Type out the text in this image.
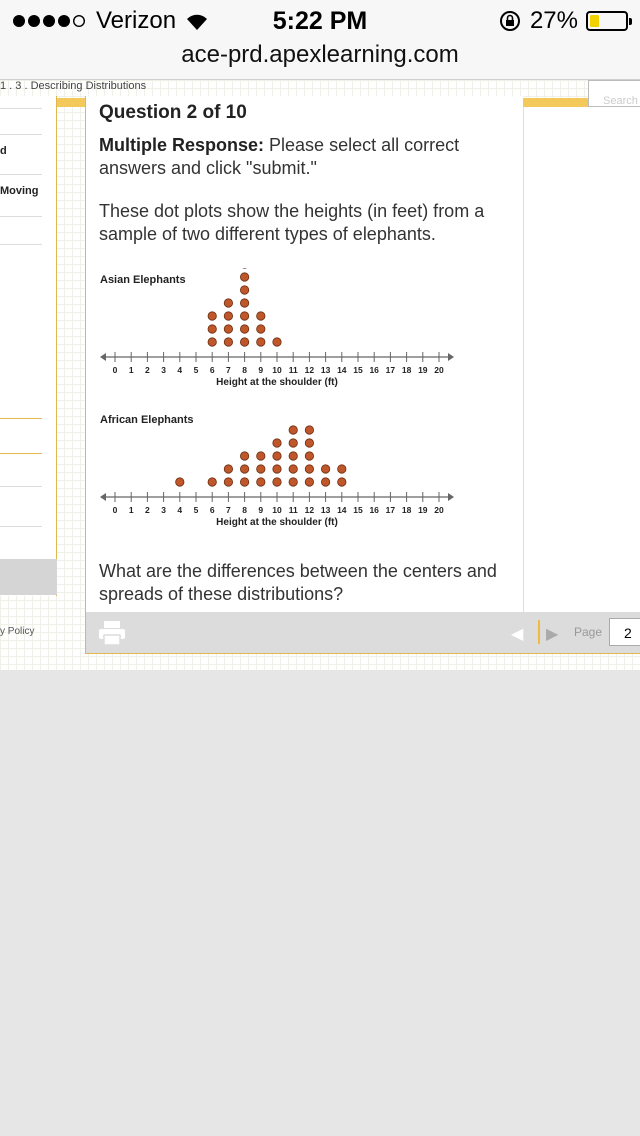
Verizon	5:22 PM	27%
ace-prd.apexlearning.com
1 . 3 . Describing Distributions
Search
d
Moving
y Policy
Question 2 of 10
Multiple Response: Please select all correct answers and click "submit."
These dot plots show the heights (in feet) from a sample of two different types of elephants.
Asian Elephants
0 1 2 3 4 5 6 7 8 9 10 11 12 13 14 15 16 17 18 19 20
Height at the shoulder (ft)
African Elephants
0 1 2 3 4 5 6 7 8 9 10 11 12 13 14 15 16 17 18 19 20
Height at the shoulder (ft)
What are the differences between the centers and spreads of these distributions?
◀ ▶ Page	2
